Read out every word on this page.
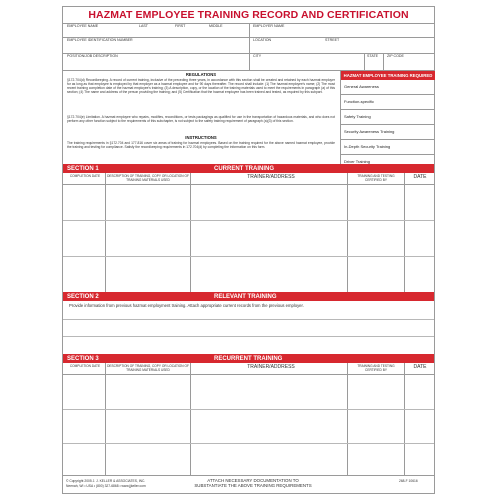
HAZMAT EMPLOYEE TRAINING RECORD AND CERTIFICATION
EMPLOYEE NAME	LAST	FIRST	MIDDLE	EMPLOYER NAME
EMPLOYEE IDENTIFICATION NUMBER	LOCATION	STREET
POSITION/JOB DESCRIPTION	CITY	STATE ZIP CODE
REGULATIONS
§172.704(d) Recordkeeping. A record of current training, inclusive of the preceding three years, in accordance with this section shall be created and retained by each hazmat employer for as long as that employee is employed by that employer as a hazmat employee and for 90 days thereafter. The record shall include: (1) The hazmat employee's name; (2) The most recent training completion date of the hazmat employee's training; (3) A description, copy, or the location of the training materials used to meet the requirements in paragraph (a) of this section; (4) The name and address of the person providing the training; and (5) Certification that the hazmat employee has been trained and tested, as required by this subpart.
§172.704(e) Limitation. A hazmat employee who repairs, modifies, reconditions, or tests packagings as qualified for use in the transportation of hazardous materials, and who does not perform any other function subject to the requirements of this subchapter, is not subject to the safety training requirement of paragraph (a)(3) of this section.
INSTRUCTIONS
The training requirements in §172.704 and 177.816 cover six areas of training for hazmat employees. Based on the training required for the above named hazmat employee, provide the training and testing for compliance. Satisfy the recordkeeping requirements in 172.704(d) by completing the information on this form.
HAZMAT EMPLOYEE TRAINING REQUIRED
General Awareness
Function-specific
Safety Training
Security Awareness Training
In-Depth Security Training
Driver Training
SECTION 1	CURRENT TRAINING
COMPLETION DATE	DESCRIPTION OF TRAINING, COPY OR LOCATION OF TRAINING MATERIALS USED	TRAINER/ADDRESS	TRAINING AND TESTING CERTIFIED BY	DATE
SECTION 2	RELEVANT TRAINING
Provide information from previous hazmat employment training. Attach appropriate current records from the previous employer.
SECTION 3	RECURRENT TRAINING
COMPLETION DATE	DESCRIPTION OF TRAINING, COPY OR LOCATION OF TRAINING MATERIALS USED	TRAINER/ADDRESS	TRAINING AND TESTING CERTIFIED BY	DATE
© Copyright 2005 J. J. KELLER & ASSOCIATES, INC.
Neenah, WI • USA • (800) 327-6868 • www.jjkeller.com
ATTACH NECESSARY DOCUMENTATION TO
SUBSTANTIATE THE ABOVE TRAINING REQUIREMENTS
268-F 10616
